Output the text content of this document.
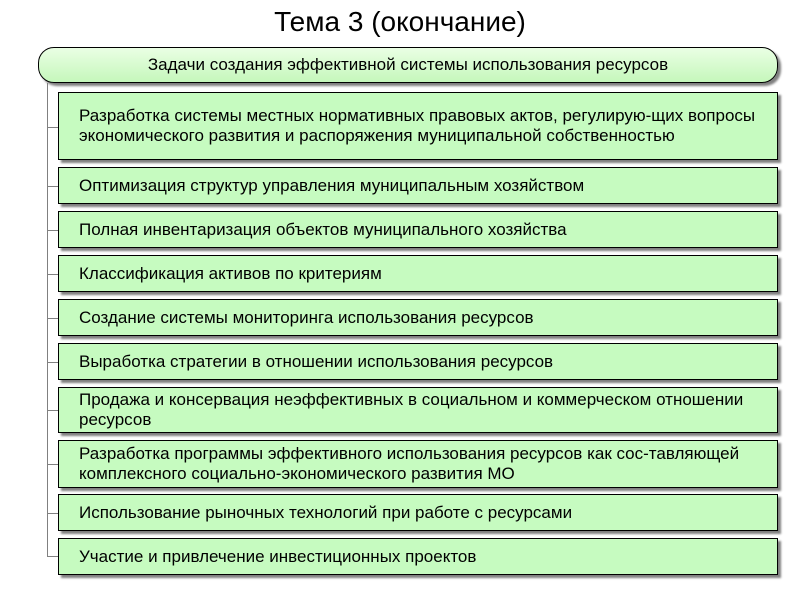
Тема 3 (окончание)
Задачи создания эффективной системы использования ресурсов
Разработка системы местных нормативных правовых актов, регулирую-щих вопросы экономического развития и распоряжения муниципальной собственностью
Оптимизация структур управления муниципальным хозяйством
Полная инвентаризация объектов муниципального хозяйства
Классификация активов по критериям
Создание системы мониторинга использования ресурсов
Выработка стратегии в отношении использования ресурсов
Продажа и консервация неэффективных в социальном и коммерческом отношении ресурсов
Разработка программы эффективного использования ресурсов как сос-тавляющей комплексного социально-экономического развития МО
Использование рыночных технологий при работе с ресурсами
Участие и привлечение инвестиционных проектов
